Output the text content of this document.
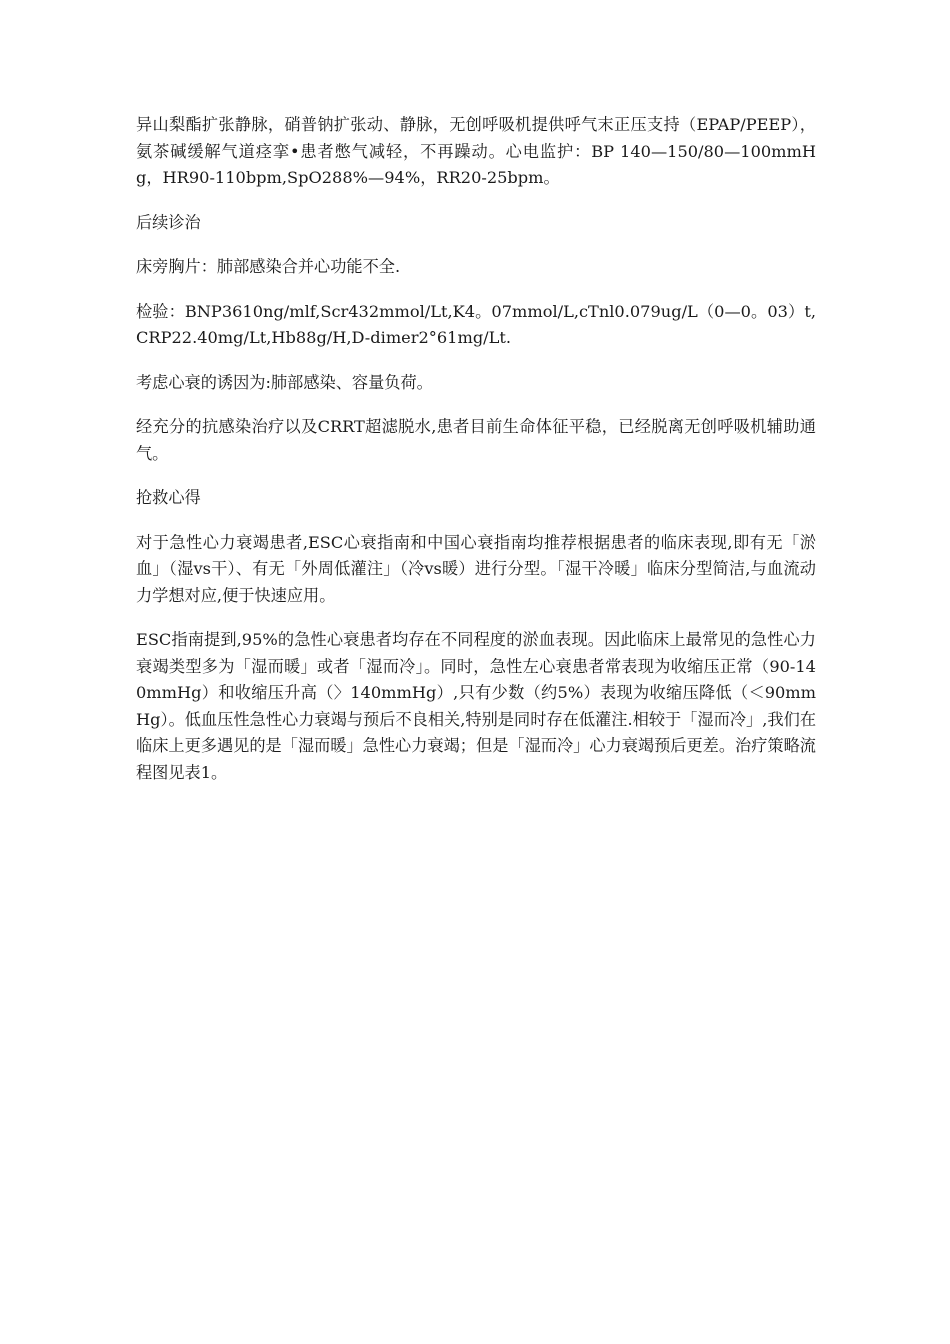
异山梨酯扩张静脉，硝普钠扩张动、静脉，无创呼吸机提供呼气末正压支持（EPAP/PEEP），氨茶碱缓解气道痉挛•患者憋气减轻，不再躁动。心电监护：BP 140—150/80—100mmHg，HR90-110bpm,SpO288%—94%，RR20-25bpm。

后续诊治

床旁胸片：肺部感染合并心功能不全.

检验：BNP3610ng/mlf,Scr432mmol/Lt,K4。07mmol/L,cTnl0.079ug/L（0—0。03）t,CRP22.40mg/Lt,Hb88g/H,D-dimer2°61mg/Lt.

考虑心衰的诱因为:肺部感染、容量负荷。

经充分的抗感染治疗以及CRRT超滤脱水,患者目前生命体征平稳，已经脱离无创呼吸机辅助通气。

抢救心得

对于急性心力衰竭患者,ESC心衰指南和中国心衰指南均推荐根据患者的临床表现,即有无「淤血」（湿vs干）、有无「外周低灌注」（冷vs暖）进行分型。「湿干冷暖」临床分型简洁,与血流动力学想对应,便于快速应用。

ESC指南提到,95%的急性心衰患者均存在不同程度的淤血表现。因此临床上最常见的急性心力衰竭类型多为「湿而暖」或者「湿而冷」。同时，急性左心衰患者常表现为收缩压正常（90-140mmHg）和收缩压升高（〉140mmHg）,只有少数（约5%）表现为收缩压降低（＜90mmHg）。低血压性急性心力衰竭与预后不良相关,特别是同时存在低灌注.相较于「湿而冷」,我们在临床上更多遇见的是「湿而暖」急性心力衰竭；但是「湿而冷」心力衰竭预后更差。治疗策略流程图见表1。
